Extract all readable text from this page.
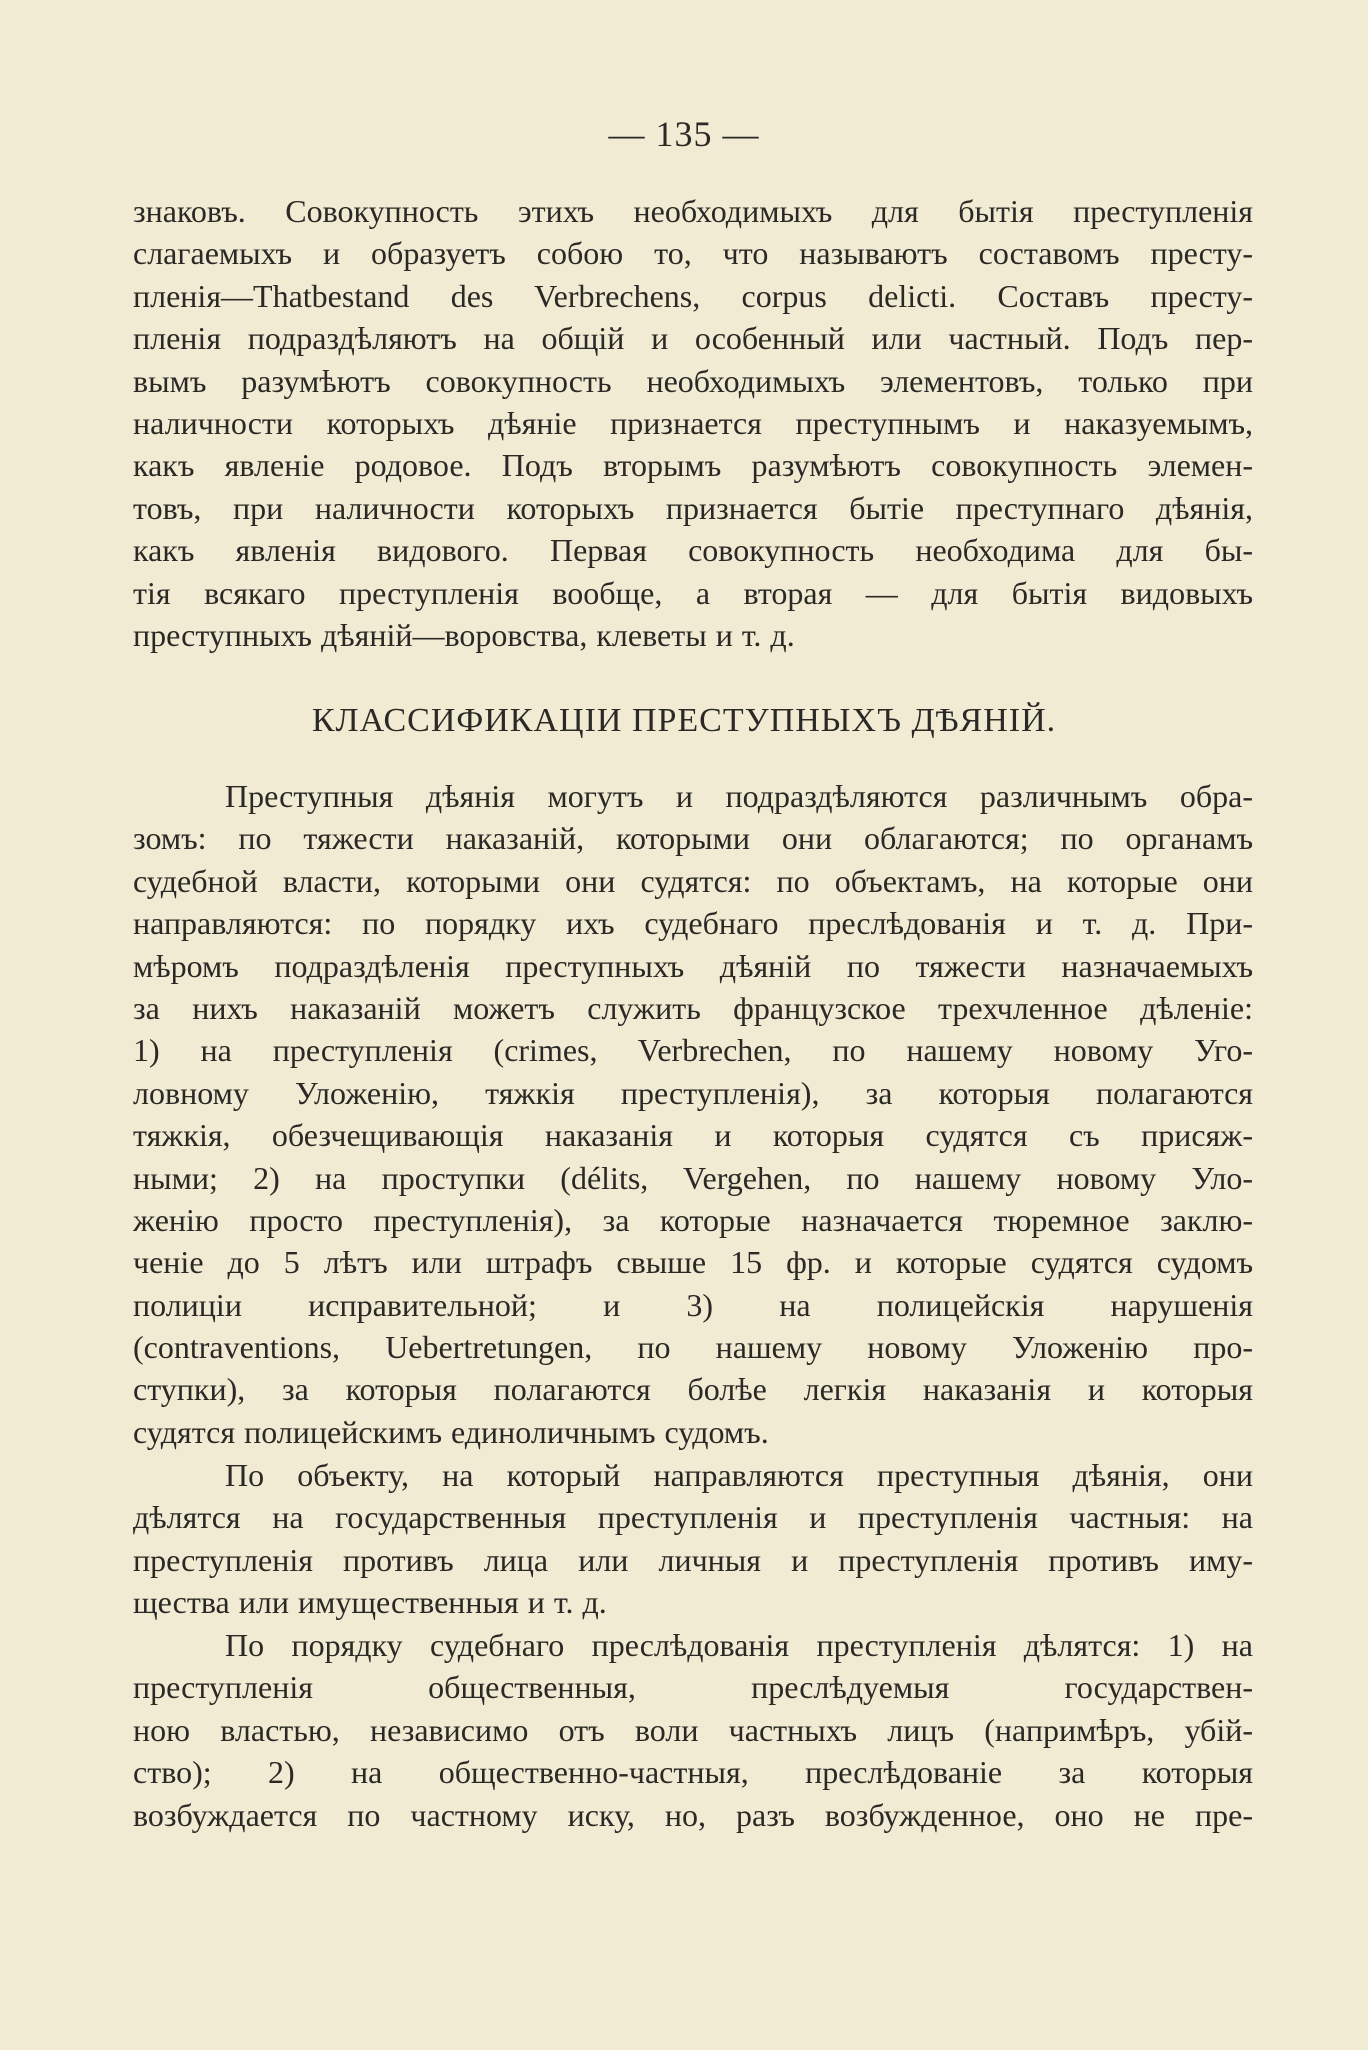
— 135 —
знаковъ. Совокупность этихъ необходимыхъ для бытія преступленія
слагаемыхъ и образуетъ собою то, что называютъ составомъ престу-
пленія—Thatbestand des Verbrechens, corpus delicti. Составъ престу-
пленія подраздѣляютъ на общій и особенный или частный. Подъ пер-
вымъ разумѣютъ совокупность необходимыхъ элементовъ, только при
наличности которыхъ дѣяніе признается преступнымъ и наказуемымъ,
какъ явленіе родовое. Подъ вторымъ разумѣютъ совокупность элемен-
товъ, при наличности которыхъ признается бытіе преступнаго дѣянія,
какъ явленія видового. Первая совокупность необходима для бы-
тія всякаго преступленія вообще, а вторая — для бытія видовыхъ
преступныхъ дѣяній—воровства, клеветы и т. д.
КЛАССИФИКАЦІИ ПРЕСТУПНЫХЪ ДѢЯНІЙ.
Преступныя дѣянія могутъ и подраздѣляются различнымъ обра-
зомъ: по тяжести наказаній, которыми они облагаются; по органамъ
судебной власти, которыми они судятся: по объектамъ, на которые они
направляются: по порядку ихъ судебнаго преслѣдованія и т. д. При-
мѣромъ подраздѣленія преступныхъ дѣяній по тяжести назначаемыхъ
за нихъ наказаній можетъ служить французское трехчленное дѣленіе:
1) на преступленія (crimes, Verbrechen, по нашему новому Уго-
ловному Уложенію, тяжкія преступленія), за которыя полагаются
тяжкія, обезчещивающія наказанія и которыя судятся съ присяж-
ными; 2) на проступки (délits, Vergehen, по нашему новому Уло-
женію просто преступленія), за которые назначается тюремное заклю-
ченіе до 5 лѣтъ или штрафъ свыше 15 фр. и которые судятся судомъ
полиціи исправительной; и 3) на полицейскія нарушенія
(contraventions, Uebertretungen, по нашему новому Уложенію про-
ступки), за которыя полагаются болѣе легкія наказанія и которыя
судятся полицейскимъ единоличнымъ судомъ.
По объекту, на который направляются преступныя дѣянія, они
дѣлятся на государственныя преступленія и преступленія частныя: на
преступленія противъ лица или личныя и преступленія противъ иму-
щества или имущественныя и т. д.
По порядку судебнаго преслѣдованія преступленія дѣлятся: 1) на
преступленія общественныя, преслѣдуемыя государствен-
ною властью, независимо отъ воли частныхъ лицъ (напримѣръ, убій-
ство); 2) на общественно-частныя, преслѣдованіе за которыя
возбуждается по частному иску, но, разъ возбужденное, оно не пре-
